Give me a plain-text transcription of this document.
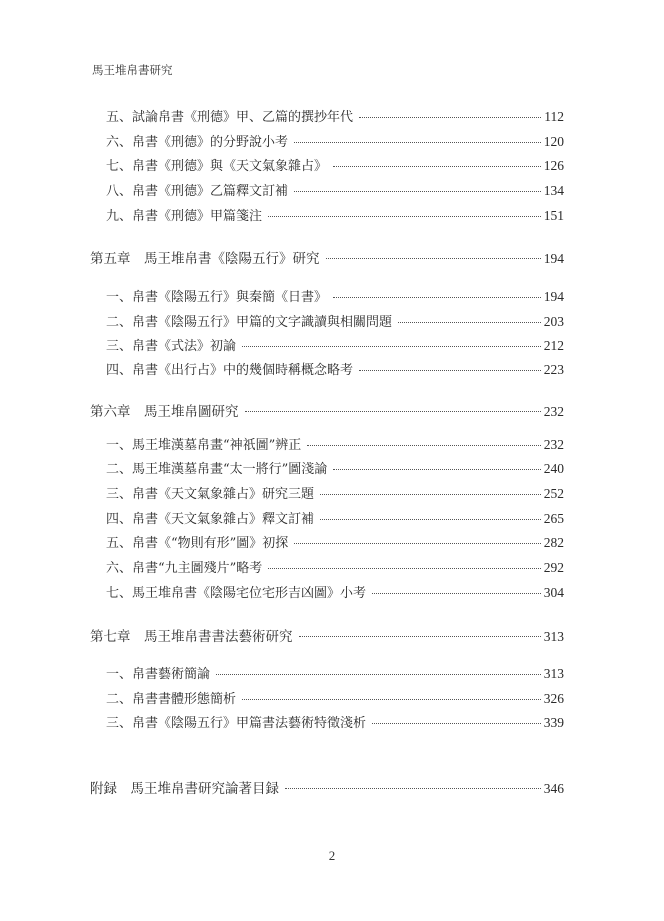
馬王堆帛書研究
五、試論帛書《刑德》甲、乙篇的撰抄年代	112
六、帛書《刑德》的分野說小考	120
七、帛書《刑德》與《天文氣象雜占》	126
八、帛書《刑德》乙篇釋文訂補	134
九、帛書《刑德》甲篇箋注	151
第五章　馬王堆帛書《陰陽五行》研究	194
一、帛書《陰陽五行》與秦簡《日書》	194
二、帛書《陰陽五行》甲篇的文字識讀與相關問題	203
三、帛書《式法》初論	212
四、帛書《出行占》中的幾個時稱概念略考	223
第六章　馬王堆帛圖研究	232
一、馬王堆漢墓帛畫“神祇圖”辨正	232
二、馬王堆漢墓帛畫“太一將行”圖淺論	240
三、帛書《天文氣象雜占》研究三題	252
四、帛書《天文氣象雜占》釋文訂補	265
五、帛書《“物則有形”圖》初探	282
六、帛書“九主圖殘片”略考	292
七、馬王堆帛書《陰陽宅位宅形吉凶圖》小考	304
第七章　馬王堆帛書書法藝術研究	313
一、帛書藝術簡論	313
二、帛書書體形態簡析	326
三、帛書《陰陽五行》甲篇書法藝術特徵淺析	339
附録　馬王堆帛書研究論著目録	346
2
